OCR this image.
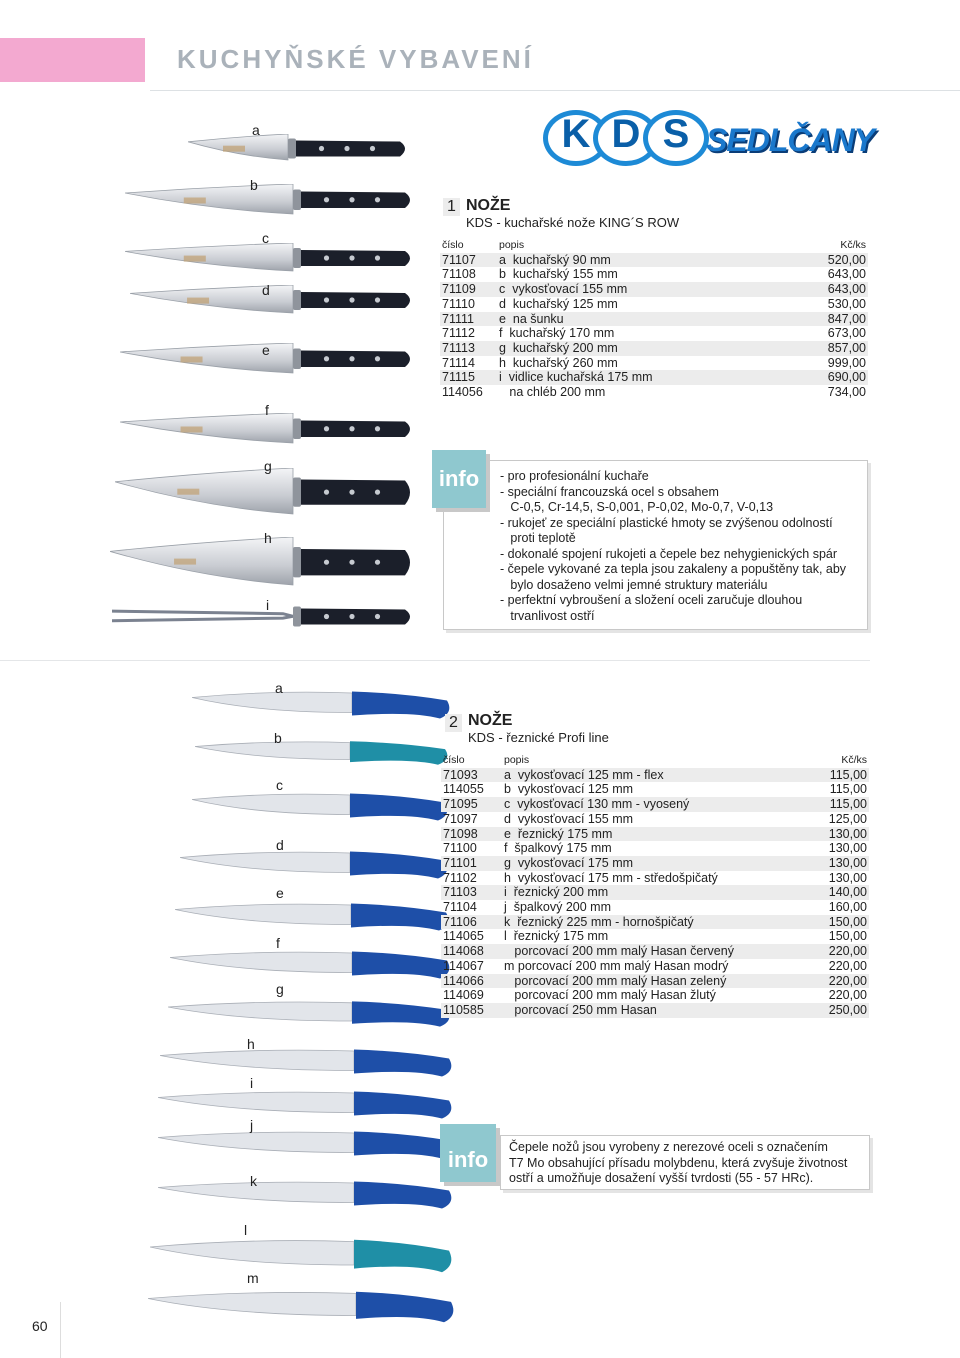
KUCHYŇSKÉ VYBAVENÍ
K D S SEDLČANY
a
b
c
d
e
f
g
h
i
1 NOŽE
KDS - kuchařské nože KING´S ROW
číslo	popis	Kč/ks
71107	a  kuchařský 90 mm	520,00
71108	b  kuchařský 155 mm	643,00
71109	c  vykosťovací 155 mm	643,00
71110	d  kuchařský 125 mm	530,00
71111	e  na šunku	847,00
71112	f  kuchařský 170 mm	673,00
71113	g  kuchařský 200 mm	857,00
71114	h  kuchařský 260 mm	999,00
71115	i  vidlice kuchařská 175 mm	690,00
114056	na chléb 200 mm	734,00
info	- pro profesionální kuchaře
- speciální francouzská ocel s obsahem
C-0,5, Cr-14,5, S-0,001, P-0,02, Mo-0,7, V-0,13
- rukojeť ze speciální plastické hmoty se zvýšenou odolností
proti teplotě
- dokonalé spojení rukojeti a čepele bez nehygienických spár
- čepele vykované za tepla jsou zakaleny a popuštěny tak, aby
bylo dosaženo velmi jemné struktury materiálu
- perfektní vybroušení a složení oceli zaručuje dlouhou
trvanlivost ostří
a
b
c
d
e
f
g
h
i
j
k
l
m
2 NOŽE
KDS - řeznické Profi line
číslo	popis	Kč/ks
71093	a  vykosťovací 125 mm - flex	115,00
114055	b  vykosťovací 125 mm	115,00
71095	c  vykosťovací 130 mm - vyosený	115,00
71097	d  vykosťovací 155 mm	125,00
71098	e  řeznický 175 mm	130,00
71100	f  špalkový 175 mm	130,00
71101	g  vykosťovací 175 mm	130,00
71102	h  vykosťovací 175 mm - středošpičatý	130,00
71103	i  řeznický 200 mm	140,00
71104	j  špalkový 200 mm	160,00
71106	k  řeznický 225 mm - hornošpičatý	150,00
114065	l  řeznický 175 mm	150,00
114068	porcovací 200 mm malý Hasan červený	220,00
114067	m porcovací 200 mm malý Hasan modrý	220,00
114066	porcovací 200 mm malý Hasan zelený	220,00
114069	porcovací 200 mm malý Hasan žlutý	220,00
110585	porcovací 250 mm Hasan	250,00
info	Čepele nožů jsou vyrobeny z nerezové oceli s označením
T7 Mo obsahující přísadu molybdenu, která zvyšuje životnost
ostří a umožňuje dosažení vyšší tvrdosti (55 - 57 HRc).
60
